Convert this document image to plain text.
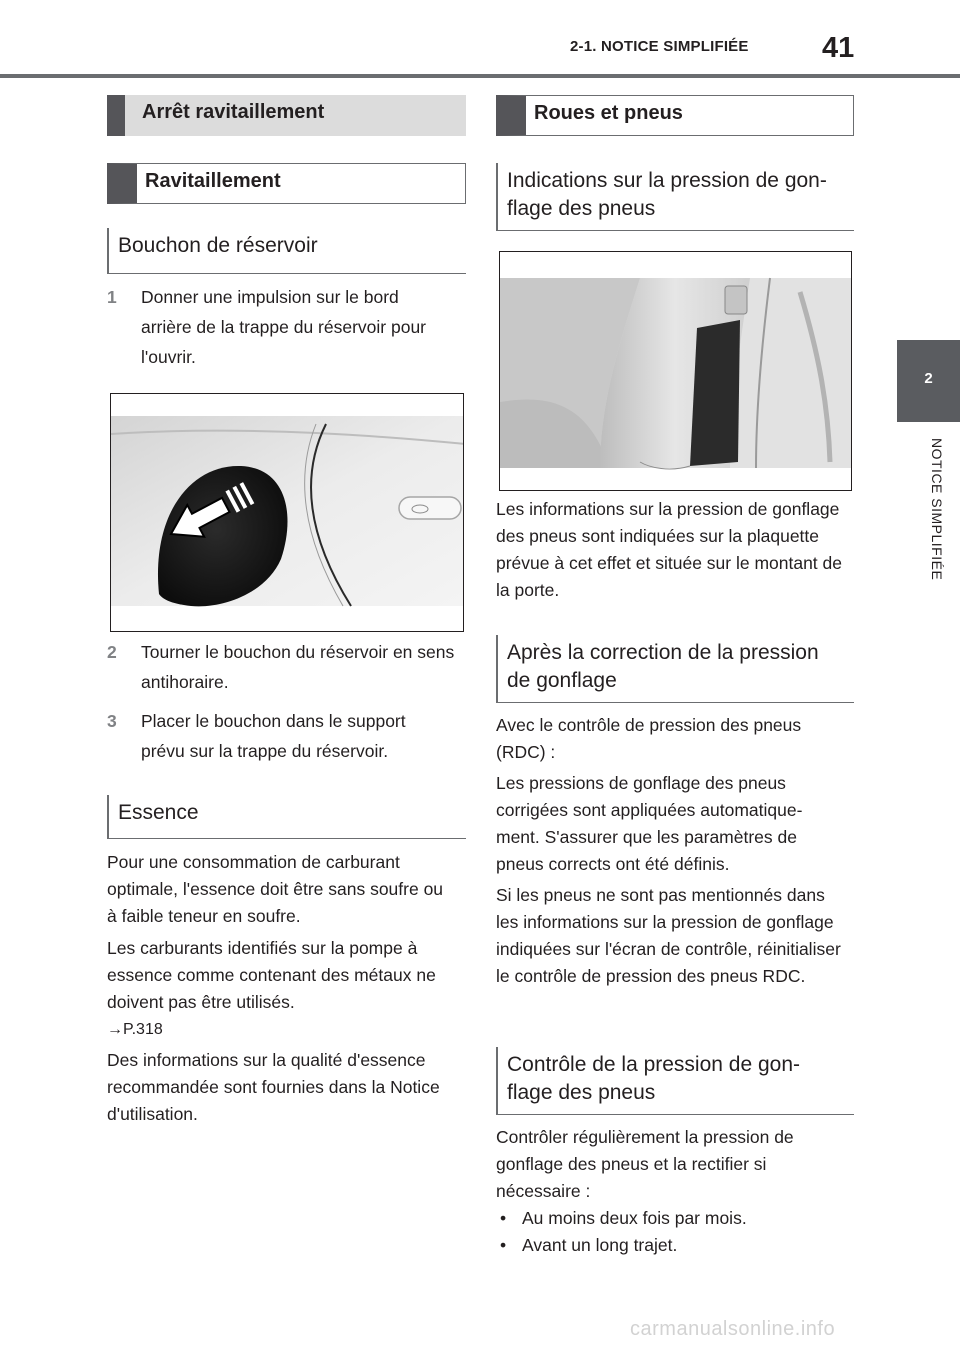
2-1. NOTICE SIMPLIFIÉE	41
2
NOTICE SIMPLIFIÉE
Arrêt ravitaillement
Ravitaillement
Bouchon de réservoir
1 Donner une impulsion sur le bord arrière de la trappe du réservoir pour l'ouvrir.
2 Tourner le bouchon du réservoir en sens antihoraire.
3 Placer le bouchon dans le support prévu sur la trappe du réservoir.
Essence

Pour une consommation de carburant optimale, l'essence doit être sans soufre ou à faible teneur en soufre.

Les carburants identifiés sur la pompe à essence comme contenant des métaux ne doivent pas être utilisés.

→P.318

Des informations sur la qualité d'essence recommandée sont fournies dans la Notice d'utilisation.

Roues et pneus
Indications sur la pression de gon-flage des pneus

Les informations sur la pression de gonflage des pneus sont indiquées sur la plaquette prévue à cet effet et située sur le montant de la porte.

Après la correction de la pression de gonflage

Avec le contrôle de pression des pneus (RDC) :

Les pressions de gonflage des pneus corrigées sont appliquées automatique-ment. S'assurer que les paramètres de pneus corrects ont été définis.

Si les pneus ne sont pas mentionnés dans les informations sur la pression de gonflage indiquées sur l'écran de contrôle, réinitialiser le contrôle de pression des pneus RDC.

Contrôle de la pression de gon-flage des pneus

Contrôler régulièrement la pression de gonflage des pneus et la rectifier si nécessaire :

• Au moins deux fois par mois.
• Avant un long trajet.
carmanualsonline.info
